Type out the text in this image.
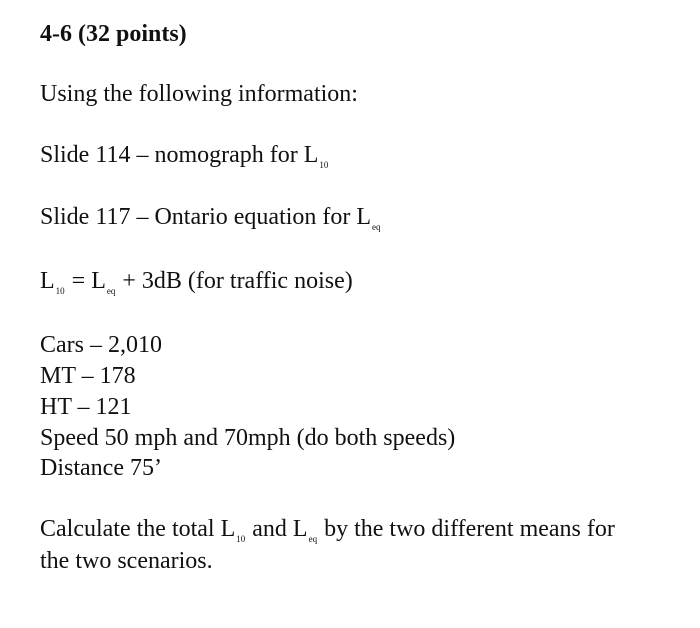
4-6 (32 points)
Using the following information:
Slide 114 – nomograph for $L_{10}$
Slide 117 – Ontario equation for $L_{eq}$
$L_{10} = L_{eq} + 3dB$ (for traffic noise)
Cars – 2,010
MT – 178
HT – 121
Speed 50 mph and 70mph (do both speeds)
Distance 75’
Calculate the total $L_{10}$ and $L_{eq}$ by the two different means for
the two scenarios.
